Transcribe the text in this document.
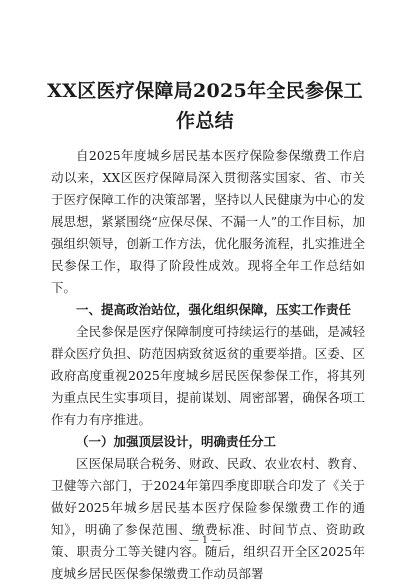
XX区医疗保障局2025年全民参保工作总结

自2025年度城乡居民基本医疗保险参保缴费工作启动以来，XX区医疗保障局深入贯彻落实国家、省、市关于医疗保障工作的决策部署，坚持以人民健康为中心的发展思想，紧紧围绕“应保尽保、不漏一人”的工作目标，加强组织领导，创新工作方法，优化服务流程，扎实推进全民参保工作，取得了阶段性成效。现将全年工作总结如下。

一、提高政治站位，强化组织保障，压实工作责任

全民参保是医疗保障制度可持续运行的基础，是减轻群众医疗负担、防范因病致贫返贫的重要举措。区委、区政府高度重视2025年度城乡居民医保参保工作，将其列为重点民生实事项目，提前谋划、周密部署，确保各项工作有力有序推进。

（一）加强顶层设计，明确责任分工

区医保局联合税务、财政、民政、农业农村、教育、卫健等六部门，于2024年第四季度即联合印发了《关于做好2025年城乡居民基本医疗保险参保缴费工作的通知》，明确了参保范围、缴费标准、时间节点、资助政策、职责分工等关键内容。随后，组织召开全区2025年度城乡居民医保参保缴费工作动员部署

— 1 —
